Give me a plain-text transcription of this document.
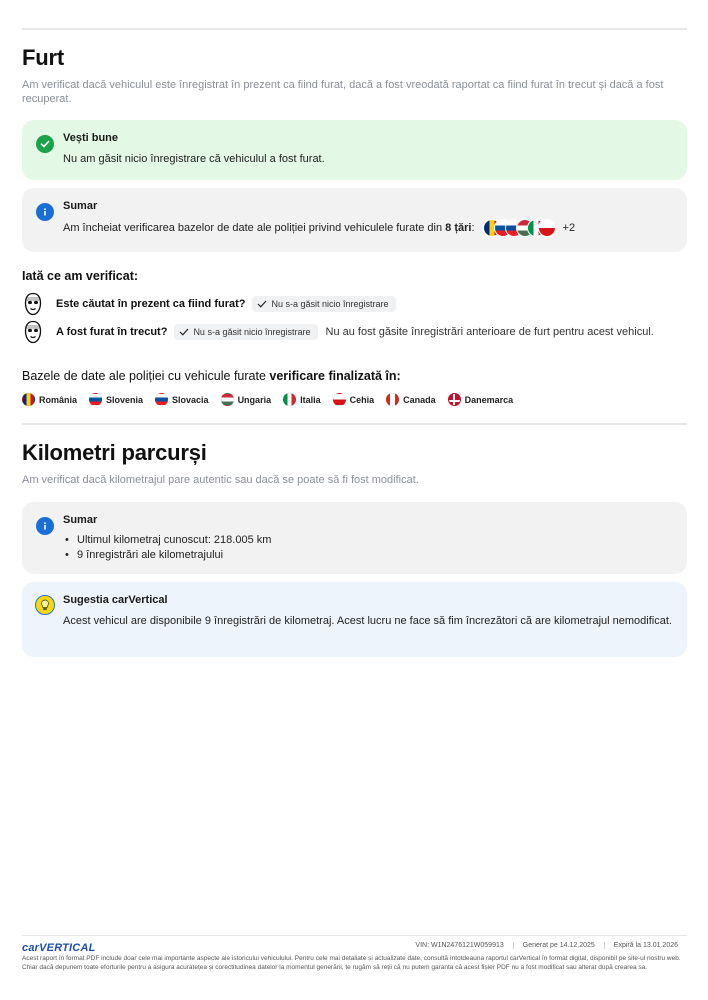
Furt

Am verificat dacă vehiculul este înregistrat în prezent ca fiind furat, dacă a fost vreodată raportat ca fiind furat în trecut și dacă a fost recuperat.

Vești bune
Nu am găsit nicio înregistrare că vehiculul a fost furat.
Sumar
Am încheiat verificarea bazelor de date ale poliției privind vehiculele furate din 8 țări :	+2
Iată ce am verificat:
Este căutat în prezent ca fiind furat?	Nu s-a găsit nicio înregistrare
A fost furat în trecut?	Nu s-a găsit nicio înregistrare Nu au fost găsite înregistrări anterioare de furt pentru acest vehicul.
Bazele de date ale poliției cu vehicule furate verificare finalizată în:
România	Slovenia	Slovacia	Ungaria	Italia	Cehia	Canada	Danemarca
Kilometri parcurși

Am verificat dacă kilometrajul pare autentic sau dacă se poate să fi fost modificat.

Sumar
• Ultimul kilometraj cunoscut: 218.005 km
• 9 înregistrări ale kilometrajului
Sugestia carVertical
Acest vehicul are disponibile 9 înregistrări de kilometraj. Acest lucru ne face să fim încrezători că are kilometrajul nemodificat.
carVERTICAL	VIN: W1N2476121W059913	Generat pe 14.12.2025	Expiră la 13.01.2026
Acest raport în format PDF include doar cele mai importante aspecte ale istoricului vehiculului. Pentru cele mai detaliate și actualizate date, consultă întotdeauna raportul carVertical în format digital, disponibil pe site-ul nostru web. Chiar dacă depunem toate eforturile pentru a asigura acuratețea și corectitudinea datelor la momentul generării, te rugăm să reții că nu putem garanta că acest fișier PDF nu a fost modificat sau alterat după crearea sa.
